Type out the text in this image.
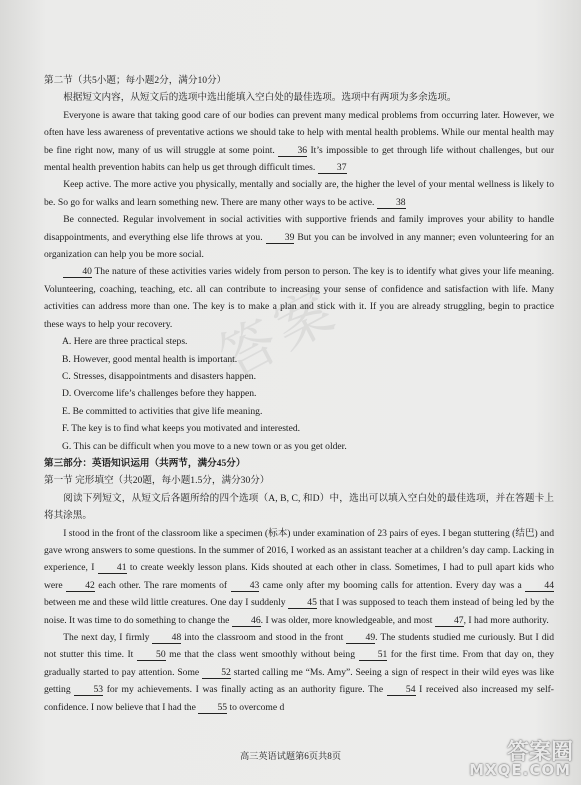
答案

第二节（共5小题；每小题2分，满分10分）

根据短文内容，从短文后的选项中选出能填入空白处的最佳选项。选项中有两项为多余选项。

Everyone is aware that taking good care of our bodies can prevent many medical problems from occurring later. However, we often have less awareness of preventative actions we should take to help with mental health problems. While our mental health may be fine right now, many of us will struggle at some point. 36 It’s impossible to get through life without challenges, but our mental health prevention habits can help us get through difficult times. 37

Keep active. The more active you physically, mentally and socially are, the higher the level of your mental wellness is likely to be. So go for walks and learn something new. There are many other ways to be active. 38

Be connected. Regular involvement in social activities with supportive friends and family improves your ability to handle disappointments, and everything else life throws at you. 39 But you can be involved in any manner; even volunteering for an organization can help you be more social.

40 The nature of these activities varies widely from person to person. The key is to identify what gives your life meaning. Volunteering, coaching, teaching, etc. all can contribute to increasing your sense of confidence and satisfaction with life. Many activities can address more than one. The key is to make a plan and stick with it. If you are already struggling, begin to practice these ways to help your recovery.

A. Here are three practical steps.

B. However, good mental health is important.

C. Stresses, disappointments and disasters happen.

D. Overcome life’s challenges before they happen.

E. Be committed to activities that give life meaning.

F. The key is to find what keeps you motivated and interested.

G. This can be difficult when you move to a new town or as you get older.

第三部分：英语知识运用（共两节，满分45分）

第一节 完形填空（共20题，每小题1.5分，满分30分）

阅读下列短文，从短文后各题所给的四个选项（A, B, C, 和D）中，选出可以填入空白处的最佳选项，并在答题卡上将其涂黑。

I stood in the front of the classroom like a specimen (标本) under examination of 23 pairs of eyes. I began stuttering (结巴) and gave wrong answers to some questions. In the summer of 2016, I worked as an assistant teacher at a children’s day camp. Lacking in experience, I 41 to create weekly lesson plans. Kids shouted at each other in class. Sometimes, I had to pull apart kids who were 42 each other. The rare moments of 43 came only after my booming calls for attention. Every day was a 44 between me and these wild little creatures. One day I suddenly 45 that I was supposed to teach them instead of being led by the noise. It was time to do something to change the 46. I was older, more knowledgeable, and most 47, I had more authority.

The next day, I firmly 48 into the classroom and stood in the front 49. The students studied me curiously. But I did not stutter this time. It 50 me that the class went smoothly without being 51 for the first time. From that day on, they gradually started to pay attention. Some 52 started calling me “Ms. Amy”. Seeing a sign of respect in their wild eyes was like getting 53 for my achievements. I was finally acting as an authority figure. The 54 I received also increased my self-confidence. I now believe that I had the 55 to overcome d

高三英语试题第6页共8页	答案圈
MXQE.COM
